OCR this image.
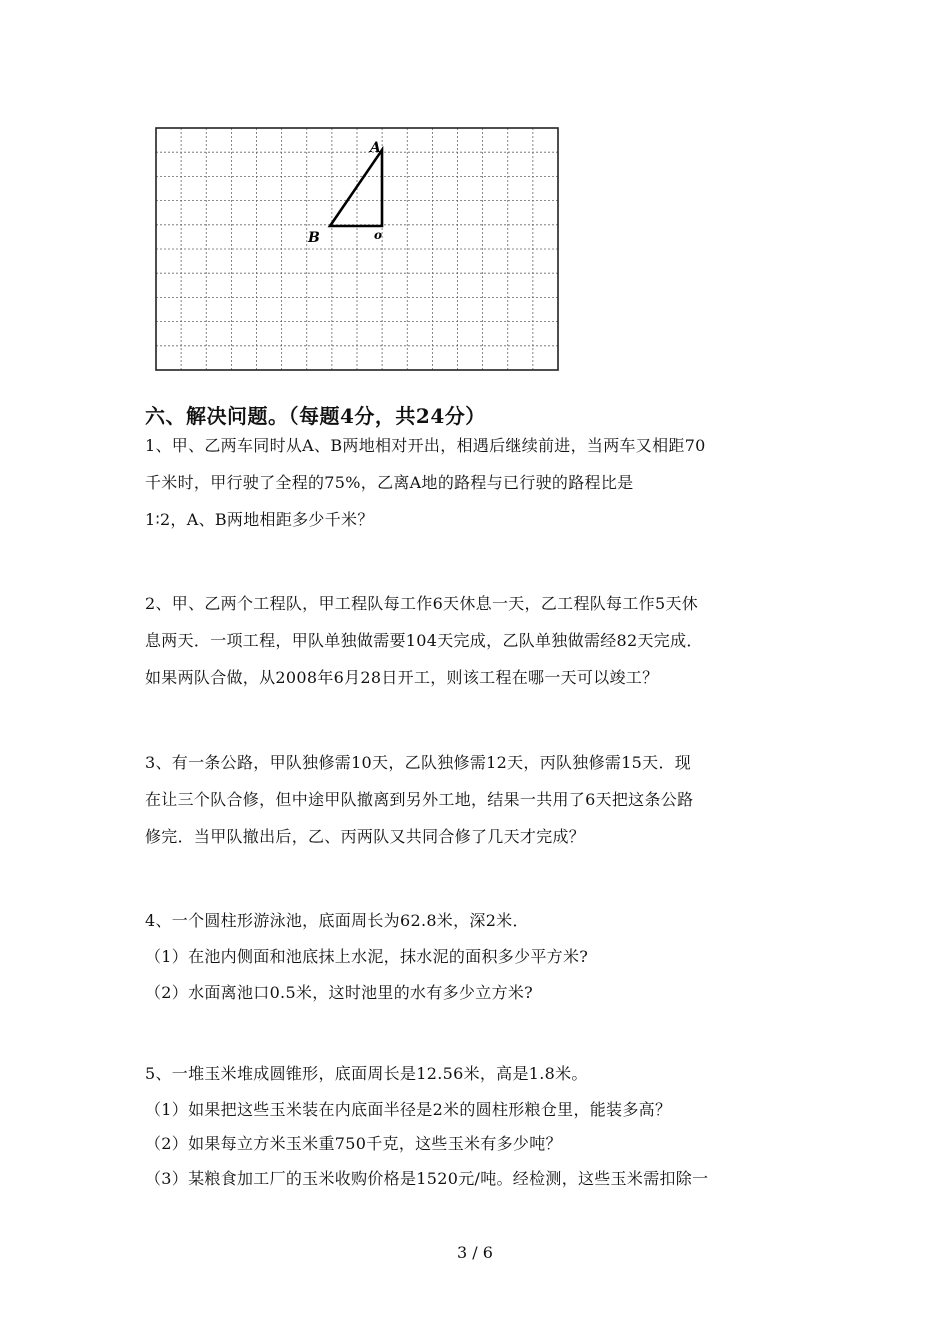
A
B	o
六、解决问题。（每题4分，共24分）
1、甲、乙两车同时从A、B两地相对开出，相遇后继续前进，当两车又相距70
千米时，甲行驶了全程的75%，乙离A地的路程与已行驶的路程比是
1∶2，A、B两地相距多少千米？
2、甲、乙两个工程队，甲工程队每工作6天休息一天，乙工程队每工作5天休
息两天．一项工程，甲队单独做需要104天完成，乙队单独做需经82天完成．
如果两队合做，从2008年6月28日开工，则该工程在哪一天可以竣工？
3、有一条公路，甲队独修需10天，乙队独修需12天，丙队独修需15天．现
在让三个队合修，但中途甲队撤离到另外工地，结果一共用了6天把这条公路
修完．当甲队撤出后，乙、丙两队又共同合修了几天才完成？
4、一个圆柱形游泳池，底面周长为62.8米，深2米．
（1）在池内侧面和池底抹上水泥，抹水泥的面积多少平方米?
（2）水面离池口0.5米，这时池里的水有多少立方米?
5、一堆玉米堆成圆锥形，底面周长是12.56米，高是1.8米。
（1）如果把这些玉米装在内底面半径是2米的圆柱形粮仓里，能装多高？
（2）如果每立方米玉米重750千克，这些玉米有多少吨？
（3）某粮食加工厂的玉米收购价格是1520元/吨。经检测，这些玉米需扣除一
3 / 6
